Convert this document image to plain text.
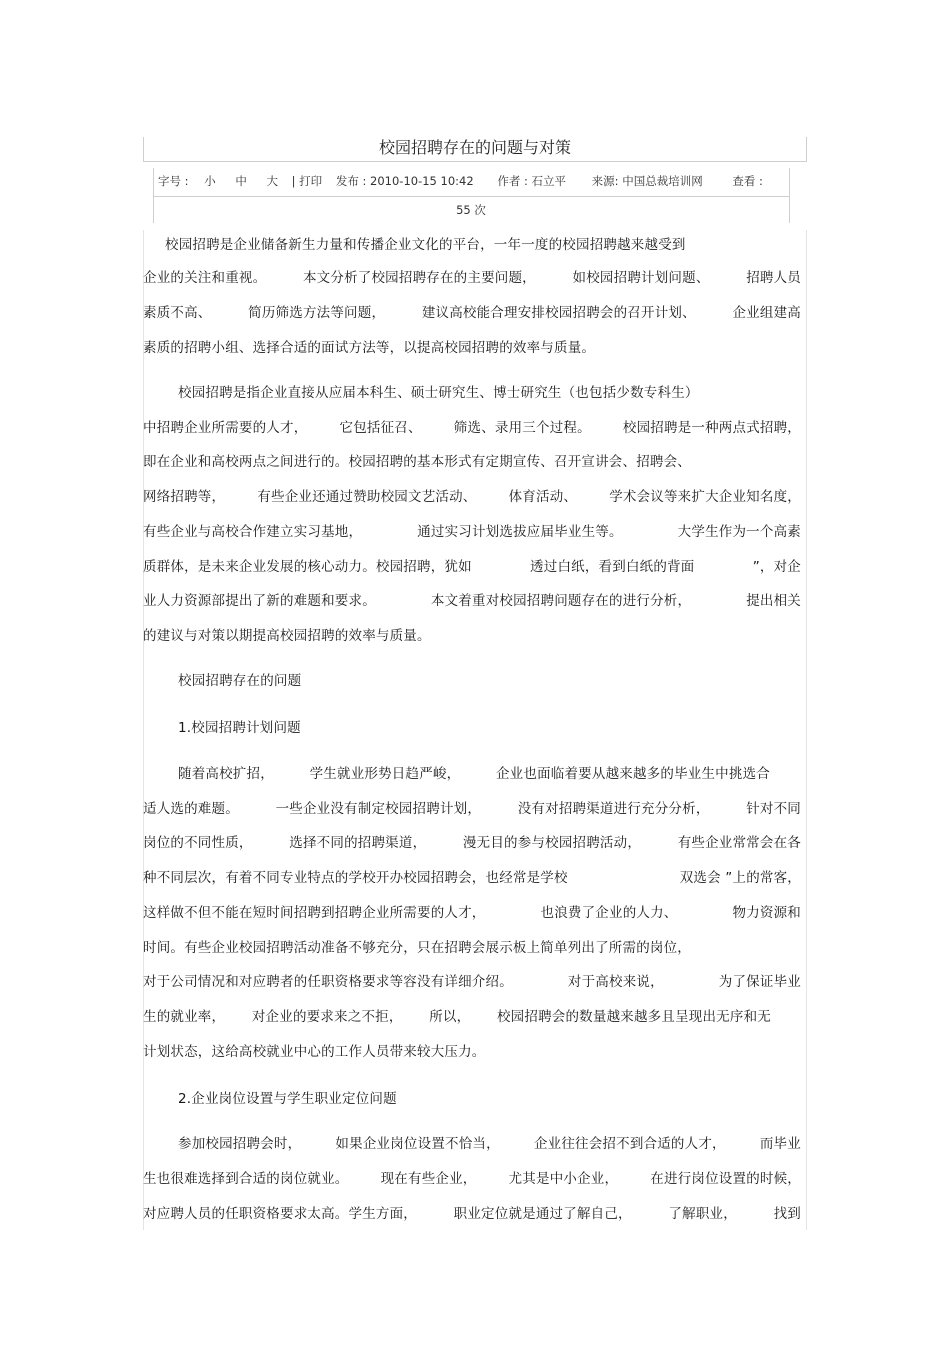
校园招聘存在的问题与对策
字号 : 小 中 大 | 打印 发布 : 2010-10-15 10:42 作者 : 石立平 来源: 中国总裁培训网	查看 :
55 次
校园招聘是企业储备新生力量和传播企业文化的平台，一年一度的校园招聘越来越受到
企业的关注和重视。	本文分析了校园招聘存在的主要问题，	如校园招聘计划问题、	招聘人员
素质不高、	简历筛选方法等问题，	建议高校能合理安排校园招聘会的召开计划、	企业组建高
素质的招聘小组、选择合适的面试方法等，以提高校园招聘的效率与质量。
校园招聘是指企业直接从应届本科生、硕士研究生、博士研究生（也包括少数专科生）
中招聘企业所需要的人才， 它包括征召、 筛选、录用三个过程。 校园招聘是一种两点式招聘，
即在企业和高校两点之间进行的。校园招聘的基本形式有定期宣传、召开宣讲会、招聘会、
网络招聘等， 有些企业还通过赞助校园文艺活动、 体育活动、 学术会议等来扩大企业知名度，
有些企业与高校合作建立实习基地，	通过实习计划选拔应届毕业生等。	大学生作为一个高素
质群体，是未来企业发展的核心动力。校园招聘，犹如	透过白纸，看到白纸的背面	”，对企
业人力资源部提出了新的难题和要求。	本文着重对校园招聘问题存在的进行分析，	提出相关
的建议与对策以期提高校园招聘的效率与质量。
随着高校扩招，	学生就业形势日趋严峻，	企业也面临着要从越来越多的毕业生中挑选合
适人选的难题。	一些企业没有制定校园招聘计划，	没有对招聘渠道进行充分分析，	针对不同
岗位的不同性质，	选择不同的招聘渠道，	漫无目的参与校园招聘活动，	有些企业常常会在各
种不同层次，有着不同专业特点的学校开办校园招聘会，也经常是学校	双选会 ”上的常客，
这样做不但不能在短时间招聘到招聘企业所需要的人才，	也浪费了企业的人力、	物力资源和
时间。有些企业校园招聘活动准备不够充分，只在招聘会展示板上简单列出了所需的岗位，
对于公司情况和对应聘者的任职资格要求等容没有详细介绍。	对于高校来说，	为了保证毕业
生的就业率， 对企业的要求来之不拒， 所以， 校园招聘会的数量越来越多且呈现出无序和无
计划状态，这给高校就业中心的工作人员带来较大压力。
参加校园招聘会时，	如果企业岗位设置不恰当，	企业往往会招不到合适的人才，	而毕业
生也很难选择到合适的岗位就业。 现在有些企业， 尤其是中小企业， 在进行岗位设置的时候，
对应聘人员的任职资格要求太高。学生方面，	职业定位就是通过了解自己，	了解职业，	找到
校园招聘存在的问题
1.校园招聘计划问题
2.企业岗位设置与学生职业定位问题
